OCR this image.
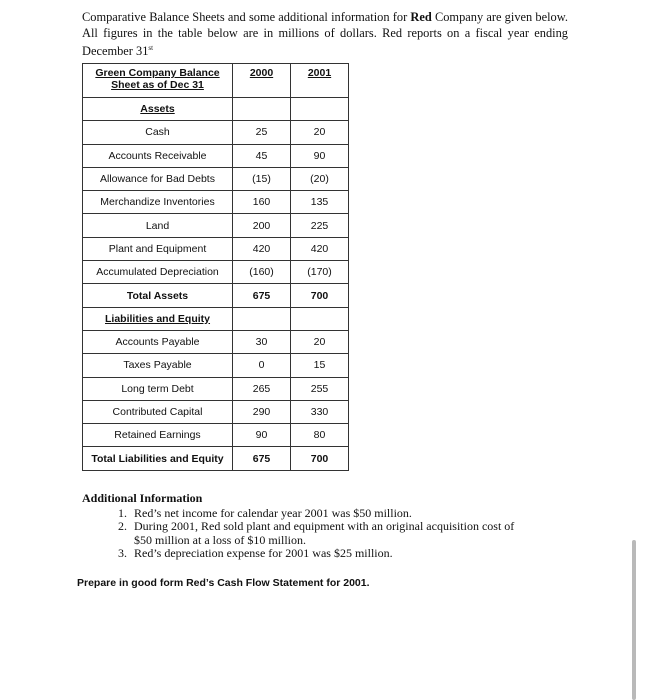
Comparative Balance Sheets and some additional information for Red Company are given below. All figures in the table below are in millions of dollars. Red reports on a fiscal year ending December 31st
Green Company Balance Sheet as of Dec 31	2000	2001
Assets		
Cash	25	20
Accounts Receivable	45	90
Allowance for Bad Debts	(15)	(20)
Merchandize Inventories	160	135
Land	200	225
Plant and Equipment	420	420
Accumulated Depreciation	(160)	(170)
Total Assets	675	700
Liabilities and Equity		
Accounts Payable	30	20
Taxes Payable	0	15
Long term Debt	265	255
Contributed Capital	290	330
Retained Earnings	90	80
Total Liabilities and Equity	675	700
Additional Information
1. Red’s net income for calendar year 2001 was $50 million.
2. During 2001, Red sold plant and equipment with an original acquisition cost of $50 million at a loss of $10 million.
3. Red’s depreciation expense for 2001 was $25 million.
Prepare in good form Red’s Cash Flow Statement for 2001.
